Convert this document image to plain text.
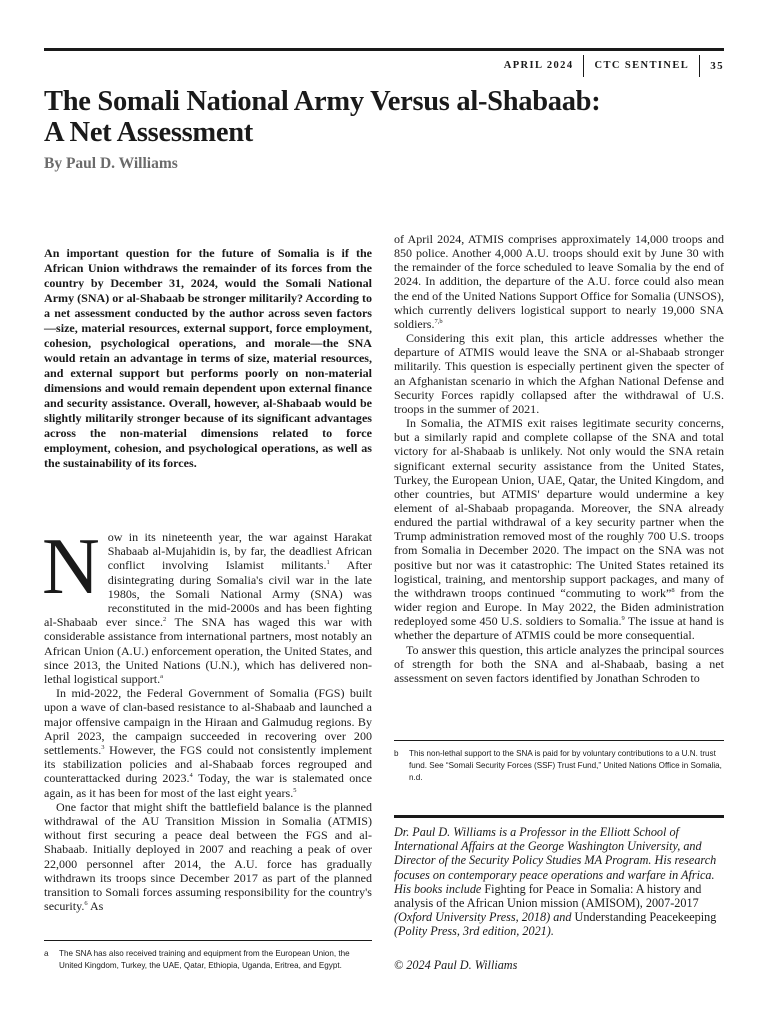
APRIL 2024	CTC SENTINEL	35
The Somali National Army Versus al-Shabaab:
A Net Assessment
By Paul D. Williams

An important question for the future of Somalia is if the African Union withdraws the remainder of its forces from the country by December 31, 2024, would the Somali National Army (SNA) or al-Shabaab be stronger militarily? According to a net assessment conducted by the author across seven factors—size, material resources, external support, force employment, cohesion, psychological operations, and morale—the SNA would retain an advantage in terms of size, material resources, and external support but performs poorly on non-material dimensions and would remain dependent upon external finance and security assistance. Overall, however, al-Shabaab would be slightly militarily stronger because of its significant advantages across the non-material dimensions related to force employment, cohesion, and psychological operations, as well as the sustainability of its forces.

Now in its nineteenth year, the war against Harakat Shabaab al-Mujahidin is, by far, the deadliest African conflict involving Islamist militants.$^1$ After disintegrating during Somalia's civil war in the late 1980s, the Somali National Army (SNA) was reconstituted in the mid-2000s and has been fighting al-Shabaab ever since.$^2$ The SNA has waged this war with considerable assistance from international partners, most notably an African Union (A.U.) enforcement operation, the United States, and since 2013, the United Nations (U.N.), which has delivered non-lethal logistical support.$^a$

In mid-2022, the Federal Government of Somalia (FGS) built upon a wave of clan-based resistance to al-Shabaab and launched a major offensive campaign in the Hiraan and Galmudug regions. By April 2023, the campaign succeeded in recovering over 200 settlements.$^3$ However, the FGS could not consistently implement its stabilization policies and al-Shabaab forces regrouped and counterattacked during 2023.$^4$ Today, the war is stalemated once again, as it has been for most of the last eight years.$^5$

One factor that might shift the battlefield balance is the planned withdrawal of the AU Transition Mission in Somalia (ATMIS) without first securing a peace deal between the FGS and al-Shabaab. Initially deployed in 2007 and reaching a peak of over 22,000 personnel after 2014, the A.U. force has gradually withdrawn its troops since December 2017 as part of the planned transition to Somali forces assuming responsibility for the country's security.$^6$ As

a The SNA has also received training and equipment from the European Union, the United Kingdom, Turkey, the UAE, Qatar, Ethiopia, Uganda, Eritrea, and Egypt.

of April 2024, ATMIS comprises approximately 14,000 troops and 850 police. Another 4,000 A.U. troops should exit by June 30 with the remainder of the force scheduled to leave Somalia by the end of 2024. In addition, the departure of the A.U. force could also mean the end of the United Nations Support Office for Somalia (UNSOS), which currently delivers logistical support to nearly 19,000 SNA soldiers.$^{7,b}$

Considering this exit plan, this article addresses whether the departure of ATMIS would leave the SNA or al-Shabaab stronger militarily. This question is especially pertinent given the specter of an Afghanistan scenario in which the Afghan National Defense and Security Forces rapidly collapsed after the withdrawal of U.S. troops in the summer of 2021.

In Somalia, the ATMIS exit raises legitimate security concerns, but a similarly rapid and complete collapse of the SNA and total victory for al-Shabaab is unlikely. Not only would the SNA retain significant external security assistance from the United States, Turkey, the European Union, UAE, Qatar, the United Kingdom, and other countries, but ATMIS' departure would undermine a key element of al-Shabaab propaganda. Moreover, the SNA already endured the partial withdrawal of a key security partner when the Trump administration removed most of the roughly 700 U.S. troops from Somalia in December 2020. The impact on the SNA was not positive but nor was it catastrophic: The United States retained its logistical, training, and mentorship support packages, and many of the withdrawn troops continued “commuting to work”$^8$ from the wider region and Europe. In May 2022, the Biden administration redeployed some 450 U.S. soldiers to Somalia.$^9$ The issue at hand is whether the departure of ATMIS could be more consequential.

To answer this question, this article analyzes the principal sources of strength for both the SNA and al-Shabaab, basing a net assessment on seven factors identified by Jonathan Schroden to

b This non-lethal support to the SNA is paid for by voluntary contributions to a U.N. trust fund. See “Somali Security Forces (SSF) Trust Fund,” United Nations Office in Somalia, n.d.
Dr. Paul D. Williams is a Professor in the Elliott School of International Affairs at the George Washington University, and Director of the Security Policy Studies MA Program. His research focuses on contemporary peace operations and warfare in Africa. His books include Fighting for Peace in Somalia: A history and analysis of the African Union mission (AMISOM), 2007-2017 (Oxford University Press, 2018) and Understanding Peacekeeping (Polity Press, 3rd edition, 2021).
© 2024 Paul D. Williams
